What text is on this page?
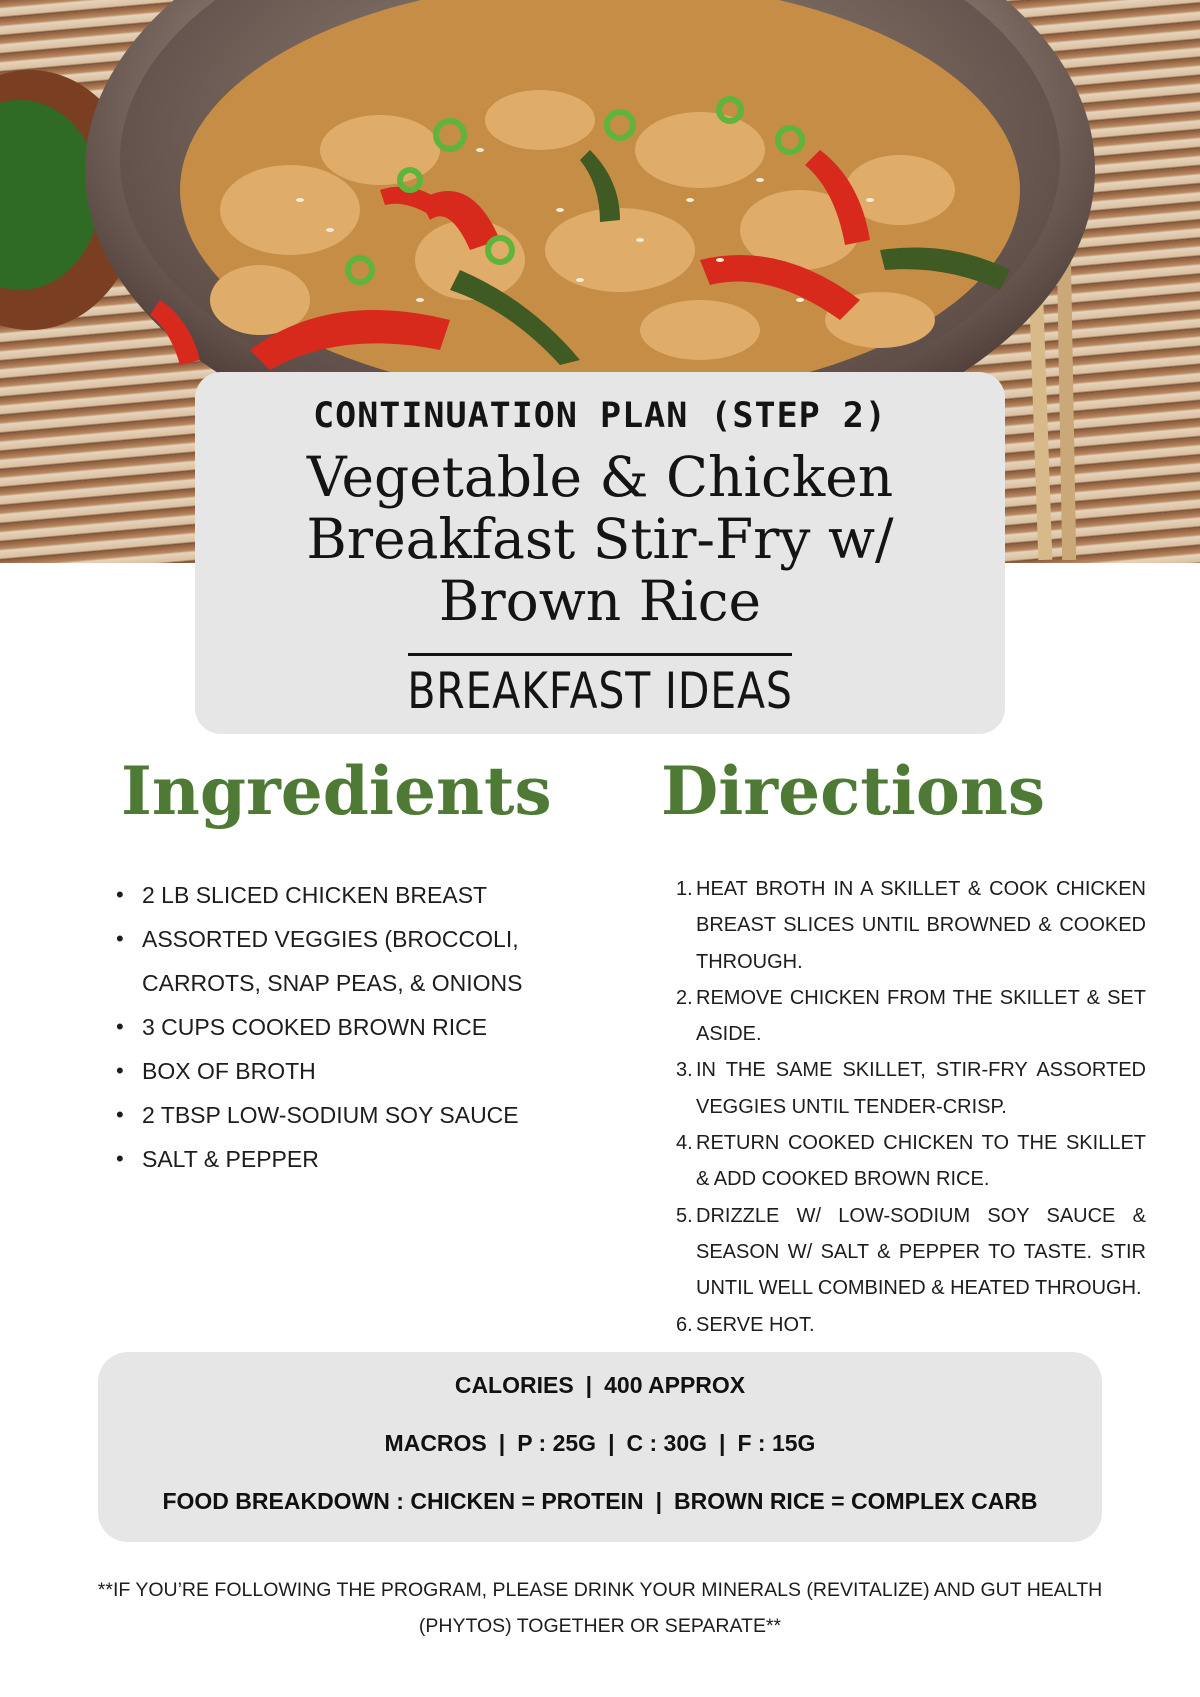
CONTINUATION PLAN (STEP 2)
Vegetable & Chicken Breakfast Stir-Fry w/ Brown Rice
BREAKFAST IDEAS
Ingredients Directions
• 2 LB SLICED CHICKEN BREAST
• ASSORTED VEGGIES (BROCCOLI, CARROTS, SNAP PEAS, & ONIONS
• 3 CUPS COOKED BROWN RICE
• BOX OF BROTH
• 2 TBSP LOW-SODIUM SOY SAUCE
• SALT & PEPPER
1. HEAT BROTH IN A SKILLET & COOK CHICKEN BREAST SLICES UNTIL BROWNED & COOKED THROUGH.
2. REMOVE CHICKEN FROM THE SKILLET & SET ASIDE.
3. IN THE SAME SKILLET, STIR-FRY ASSORTED VEGGIES UNTIL TENDER-CRISP.
4. RETURN COOKED CHICKEN TO THE SKILLET & ADD COOKED BROWN RICE.
5. DRIZZLE W/ LOW-SODIUM SOY SAUCE & SEASON W/ SALT & PEPPER TO TASTE. STIR UNTIL WELL COMBINED & HEATED THROUGH.
6. SERVE HOT.
CALORIES | 400 APPROX
MACROS | P : 25G | C : 30G | F : 15G
FOOD BREAKDOWN : CHICKEN = PROTEIN | BROWN RICE = COMPLEX CARB
**IF YOU’RE FOLLOWING THE PROGRAM, PLEASE DRINK YOUR MINERALS (REVITALIZE) AND GUT HEALTH (PHYTOS) TOGETHER OR SEPARATE**
